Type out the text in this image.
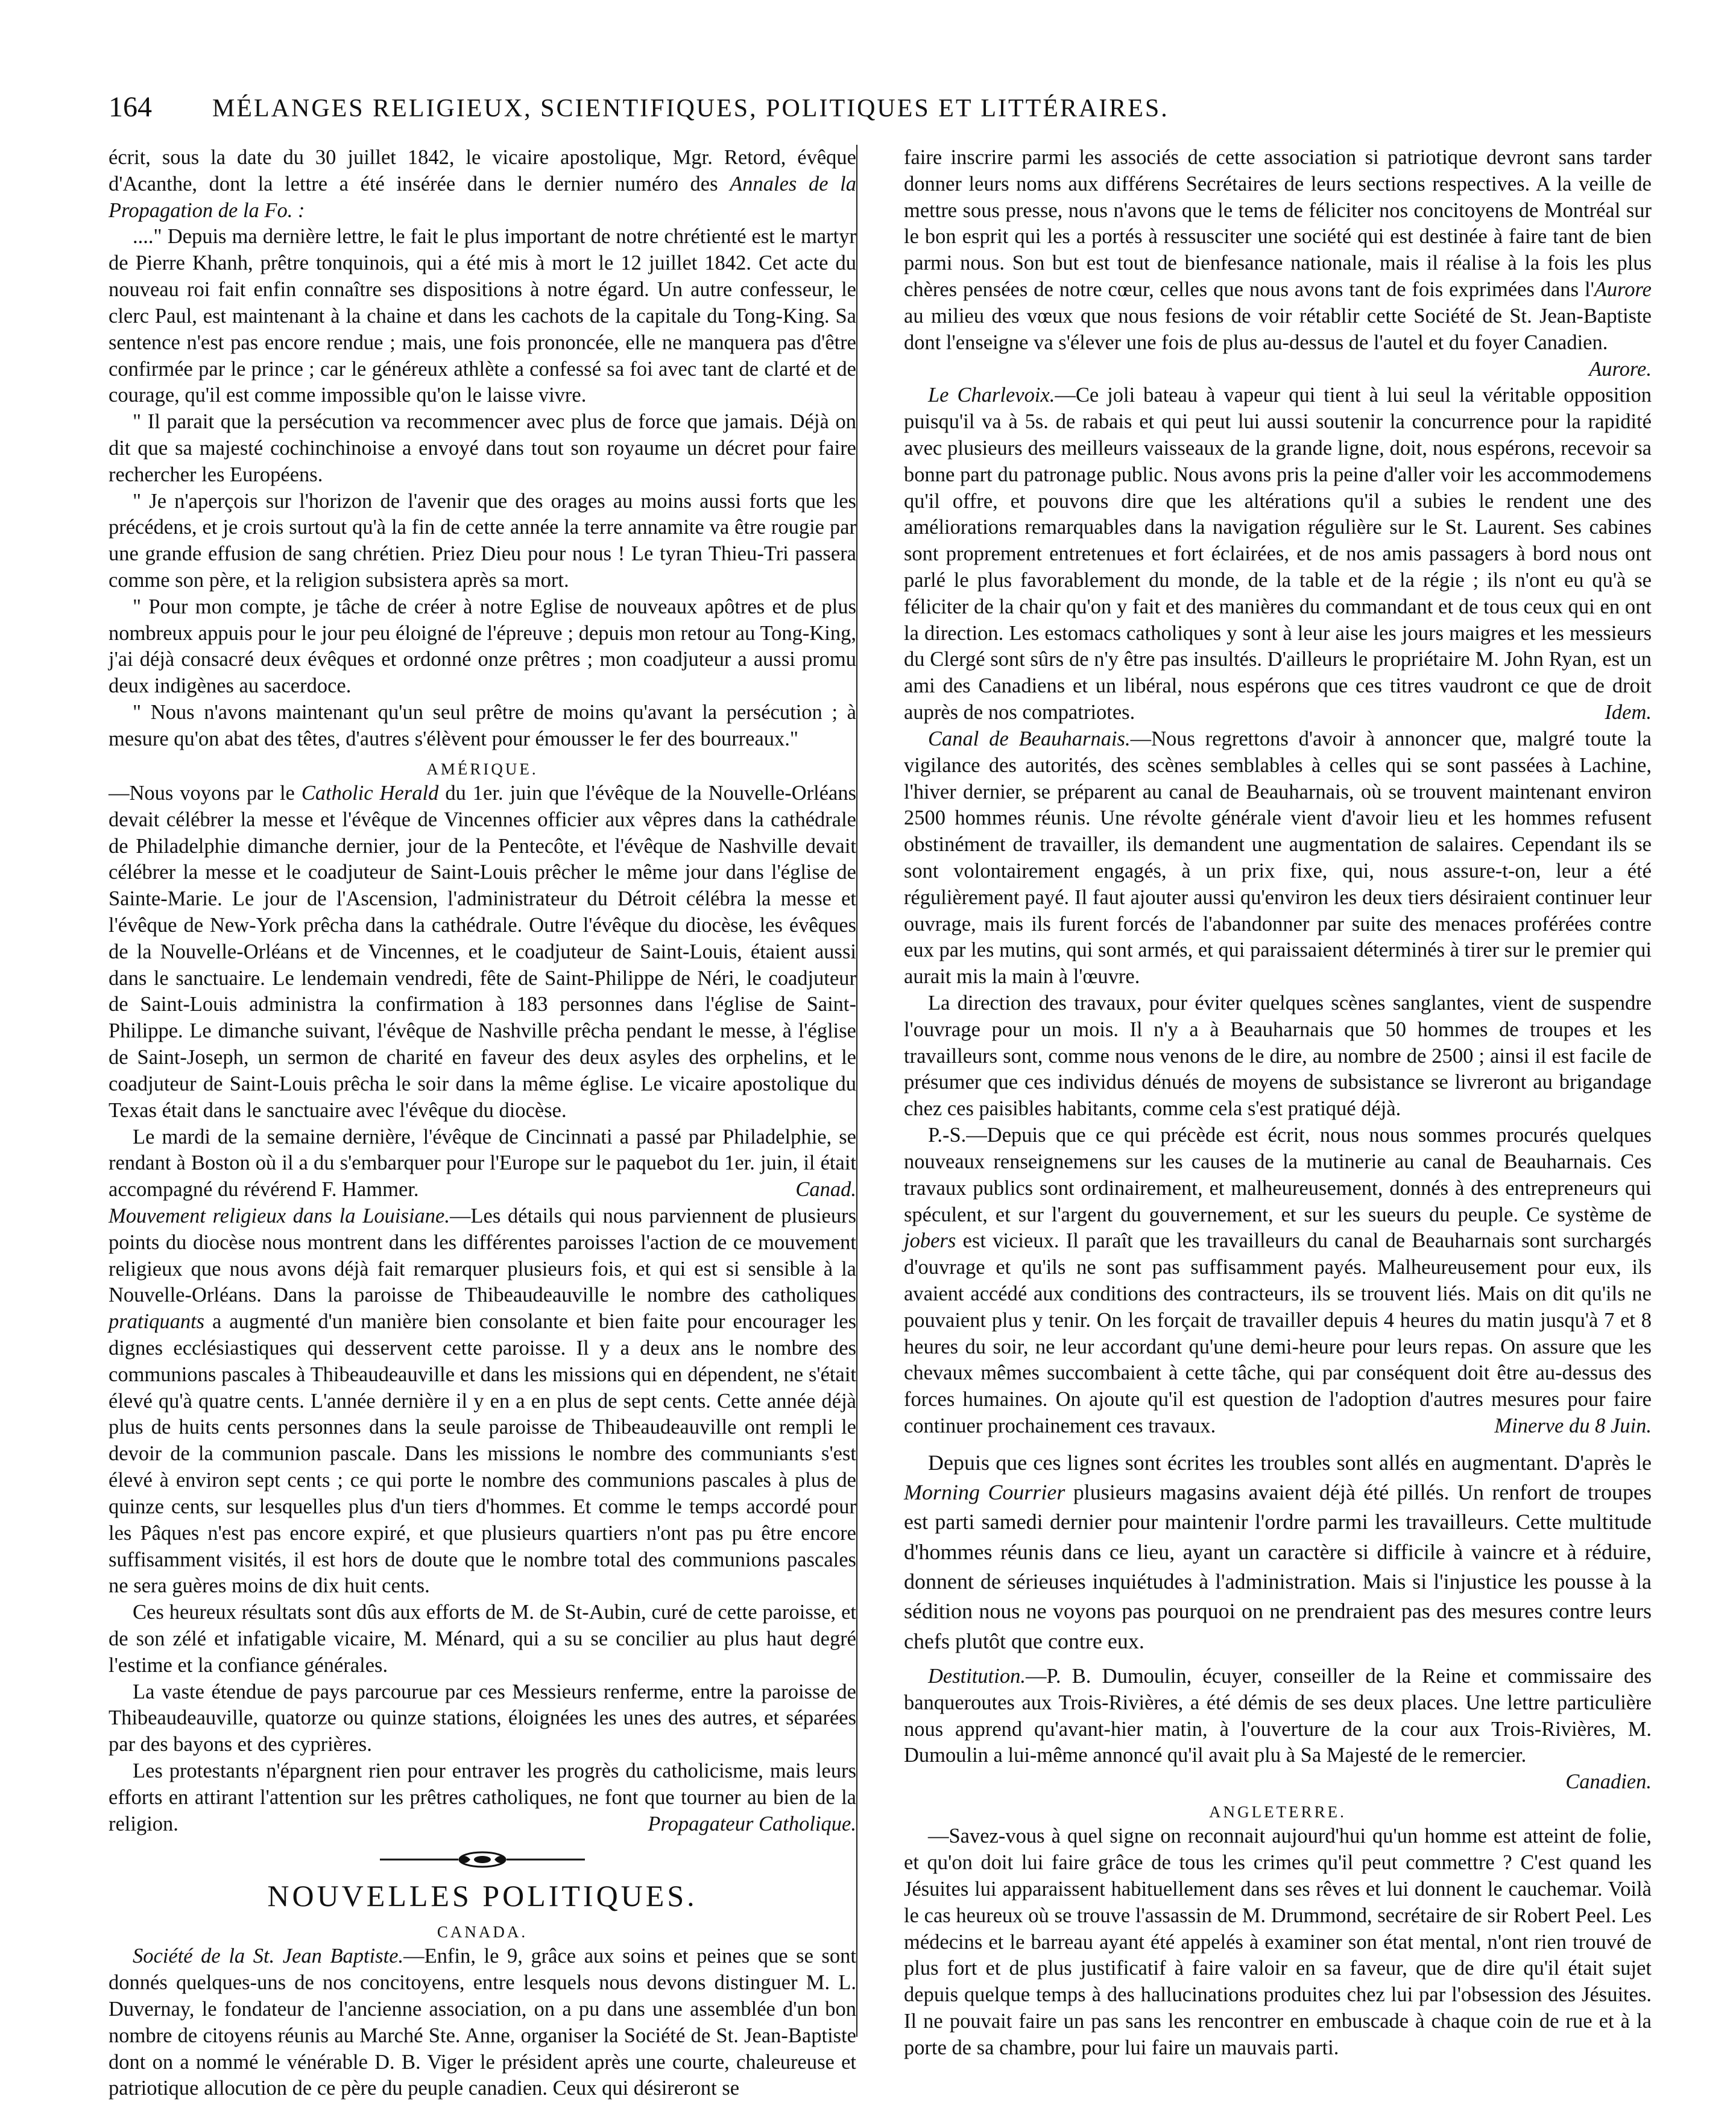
164	MÉLANGES RELIGIEUX, SCIENTIFIQUES, POLITIQUES ET LITTÉRAIRES.

écrit, sous la date du 30 juillet 1842, le vicaire apostolique, Mgr. Retord, évêque d'Acanthe, dont la lettre a été insérée dans le dernier numéro des Annales de la Propagation de la Fo. :

...." Depuis ma dernière lettre, le fait le plus important de notre chrétienté est le martyr de Pierre Khanh, prêtre tonquinois, qui a été mis à mort le 12 juillet 1842. Cet acte du nouveau roi fait enfin connaître ses dispositions à notre égard. Un autre confesseur, le clerc Paul, est maintenant à la chaine et dans les cachots de la capitale du Tong-King. Sa sentence n'est pas encore rendue ; mais, une fois prononcée, elle ne manquera pas d'être confirmée par le prince ; car le généreux athlète a confessé sa foi avec tant de clarté et de courage, qu'il est comme impossible qu'on le laisse vivre.

" Il parait que la persécution va recommencer avec plus de force que jamais. Déjà on dit que sa majesté cochinchinoise a envoyé dans tout son royaume un décret pour faire rechercher les Européens.

" Je n'aperçois sur l'horizon de l'avenir que des orages au moins aussi forts que les précédens, et je crois surtout qu'à la fin de cette année la terre annamite va être rougie par une grande effusion de sang chrétien. Priez Dieu pour nous ! Le tyran Thieu-Tri passera comme son père, et la religion subsistera après sa mort.

" Pour mon compte, je tâche de créer à notre Eglise de nouveaux apôtres et de plus nombreux appuis pour le jour peu éloigné de l'épreuve ; depuis mon retour au Tong-King, j'ai déjà consacré deux évêques et ordonné onze prêtres ; mon coadjuteur a aussi promu deux indigènes au sacerdoce.

" Nous n'avons maintenant qu'un seul prêtre de moins qu'avant la persécution ; à mesure qu'on abat des têtes, d'autres s'élèvent pour émousser le fer des bourreaux."

AMÉRIQUE.

—Nous voyons par le Catholic Herald du 1er. juin que l'évêque de la Nouvelle-Orléans devait célébrer la messe et l'évêque de Vincennes officier aux vêpres dans la cathédrale de Philadelphie dimanche dernier, jour de la Pentecôte, et l'évêque de Nashville devait célébrer la messe et le coadjuteur de Saint-Louis prêcher le même jour dans l'église de Sainte-Marie. Le jour de l'Ascension, l'administrateur du Détroit célébra la messe et l'évêque de New-York prêcha dans la cathédrale. Outre l'évêque du diocèse, les évêques de la Nouvelle-Orléans et de Vincennes, et le coadjuteur de Saint-Louis, étaient aussi dans le sanctuaire. Le lendemain vendredi, fête de Saint-Philippe de Néri, le coadjuteur de Saint-Louis administra la confirmation à 183 personnes dans l'église de Saint-Philippe. Le dimanche suivant, l'évêque de Nashville prêcha pendant le messe, à l'église de Saint-Joseph, un sermon de charité en faveur des deux asyles des orphelins, et le coadjuteur de Saint-Louis prêcha le soir dans la même église. Le vicaire apostolique du Texas était dans le sanctuaire avec l'évêque du diocèse.

Le mardi de la semaine dernière, l'évêque de Cincinnati a passé par Philadelphie, se rendant à Boston où il a du s'embarquer pour l'Europe sur le paquebot du 1er. juin, il était accompagné du révérend F. Hammer.	Canad.

Mouvement religieux dans la Louisiane.—Les détails qui nous parviennent de plusieurs points du diocèse nous montrent dans les différentes paroisses l'action de ce mouvement religieux que nous avons déjà fait remarquer plusieurs fois, et qui est si sensible à la Nouvelle-Orléans. Dans la paroisse de Thibeaudeauville le nombre des catholiques pratiquants a augmenté d'un manière bien consolante et bien faite pour encourager les dignes ecclésiastiques qui desservent cette paroisse. Il y a deux ans le nombre des communions pascales à Thibeaudeauville et dans les missions qui en dépendent, ne s'était élevé qu'à quatre cents. L'année dernière il y en a en plus de sept cents. Cette année déjà plus de huits cents personnes dans la seule paroisse de Thibeaudeauville ont rempli le devoir de la communion pascale. Dans les missions le nombre des communiants s'est élevé à environ sept cents ; ce qui porte le nombre des communions pascales à plus de quinze cents, sur lesquelles plus d'un tiers d'hommes. Et comme le temps accordé pour les Pâques n'est pas encore expiré, et que plusieurs quartiers n'ont pas pu être encore suffisamment visités, il est hors de doute que le nombre total des communions pascales ne sera guères moins de dix huit cents.

Ces heureux résultats sont dûs aux efforts de M. de St-Aubin, curé de cette paroisse, et de son zélé et infatigable vicaire, M. Ménard, qui a su se concilier au plus haut degré l'estime et la confiance générales.

La vaste étendue de pays parcourue par ces Messieurs renferme, entre la paroisse de Thibeaudeauville, quatorze ou quinze stations, éloignées les unes des autres, et séparées par des bayons et des cyprières.

Les protestants n'épargnent rien pour entraver les progrès du catholicisme, mais leurs efforts en attirant l'attention sur les prêtres catholiques, ne font que tourner au bien de la religion.	Propagateur Catholique.

NOUVELLES POLITIQUES.
CANADA.

Société de la St. Jean Baptiste.—Enfin, le 9, grâce aux soins et peines que se sont donnés quelques-uns de nos concitoyens, entre lesquels nous devons distinguer M. L. Duvernay, le fondateur de l'ancienne association, on a pu dans une assemblée d'un bon nombre de citoyens réunis au Marché Ste. Anne, organiser la Société de St. Jean-Baptiste dont on a nommé le vénérable D. B. Viger le président après une courte, chaleureuse et patriotique allocution de ce père du peuple canadien. Ceux qui désireront se

faire inscrire parmi les associés de cette association si patriotique devront sans tarder donner leurs noms aux différens Secrétaires de leurs sections respectives. A la veille de mettre sous presse, nous n'avons que le tems de féliciter nos concitoyens de Montréal sur le bon esprit qui les a portés à ressusciter une société qui est destinée à faire tant de bien parmi nous. Son but est tout de bienfesance nationale, mais il réalise à la fois les plus chères pensées de notre cœur, celles que nous avons tant de fois exprimées dans l'Aurore au milieu des vœux que nous fesions de voir rétablir cette Société de St. Jean-Baptiste dont l'enseigne va s'élever une fois de plus au-dessus de l'autel et du foyer Canadien.
Aurore.

Le Charlevoix.—Ce joli bateau à vapeur qui tient à lui seul la véritable opposition puisqu'il va à 5s. de rabais et qui peut lui aussi soutenir la concurrence pour la rapidité avec plusieurs des meilleurs vaisseaux de la grande ligne, doit, nous espérons, recevoir sa bonne part du patronage public. Nous avons pris la peine d'aller voir les accommodemens qu'il offre, et pouvons dire que les altérations qu'il a subies le rendent une des améliorations remarquables dans la navigation régulière sur le St. Laurent. Ses cabines sont proprement entretenues et fort éclairées, et de nos amis passagers à bord nous ont parlé le plus favorablement du monde, de la table et de la régie ; ils n'ont eu qu'à se féliciter de la chair qu'on y fait et des manières du commandant et de tous ceux qui en ont la direction. Les estomacs catholiques y sont à leur aise les jours maigres et les messieurs du Clergé sont sûrs de n'y être pas insultés. D'ailleurs le propriétaire M. John Ryan, est un ami des Canadiens et un libéral, nous espérons que ces titres vaudront ce que de droit auprès de nos compatriotes.	Idem.

Canal de Beauharnais.—Nous regrettons d'avoir à annoncer que, malgré toute la vigilance des autorités, des scènes semblables à celles qui se sont passées à Lachine, l'hiver dernier, se préparent au canal de Beauharnais, où se trouvent maintenant environ 2500 hommes réunis. Une révolte générale vient d'avoir lieu et les hommes refusent obstinément de travailler, ils demandent une augmentation de salaires. Cependant ils se sont volontairement engagés, à un prix fixe, qui, nous assure-t-on, leur a été régulièrement payé. Il faut ajouter aussi qu'environ les deux tiers désiraient continuer leur ouvrage, mais ils furent forcés de l'abandonner par suite des menaces proférées contre eux par les mutins, qui sont armés, et qui paraissaient déterminés à tirer sur le premier qui aurait mis la main à l'œuvre.

La direction des travaux, pour éviter quelques scènes sanglantes, vient de suspendre l'ouvrage pour un mois. Il n'y a à Beauharnais que 50 hommes de troupes et les travailleurs sont, comme nous venons de le dire, au nombre de 2500 ; ainsi il est facile de présumer que ces individus dénués de moyens de subsistance se livreront au brigandage chez ces paisibles habitants, comme cela s'est pratiqué déjà.

P.-S.—Depuis que ce qui précède est écrit, nous nous sommes procurés quelques nouveaux renseignemens sur les causes de la mutinerie au canal de Beauharnais. Ces travaux publics sont ordinairement, et malheureusement, donnés à des entrepreneurs qui spéculent, et sur l'argent du gouvernement, et sur les sueurs du peuple. Ce système de jobers est vicieux. Il paraît que les travailleurs du canal de Beauharnais sont surchargés d'ouvrage et qu'ils ne sont pas suffisamment payés. Malheureusement pour eux, ils avaient accédé aux conditions des contracteurs, ils se trouvent liés. Mais on dit qu'ils ne pouvaient plus y tenir. On les forçait de travailler depuis 4 heures du matin jusqu'à 7 et 8 heures du soir, ne leur accordant qu'une demi-heure pour leurs repas. On assure que les chevaux mêmes succombaient à cette tâche, qui par conséquent doit être au-dessus des forces humaines. On ajoute qu'il est question de l'adoption d'autres mesures pour faire continuer prochainement ces travaux.	Minerve du 8 Juin.

Depuis que ces lignes sont écrites les troubles sont allés en augmentant. D'après le Morning Courrier plusieurs magasins avaient déjà été pillés. Un renfort de troupes est parti samedi dernier pour maintenir l'ordre parmi les travailleurs. Cette multitude d'hommes réunis dans ce lieu, ayant un caractère si difficile à vaincre et à réduire, donnent de sérieuses inquiétudes à l'administration. Mais si l'injustice les pousse à la sédition nous ne voyons pas pourquoi on ne prendraient pas des mesures contre leurs chefs plutôt que contre eux.

Destitution.—P. B. Dumoulin, écuyer, conseiller de la Reine et commissaire des banqueroutes aux Trois-Rivières, a été démis de ses deux places. Une lettre particulière nous apprend qu'avant-hier matin, à l'ouverture de la cour aux Trois-Rivières, M. Dumoulin a lui-même annoncé qu'il avait plu à Sa Majesté de le remercier.
Canadien.

ANGLETERRE.

—Savez-vous à quel signe on reconnait aujourd'hui qu'un homme est atteint de folie, et qu'on doit lui faire grâce de tous les crimes qu'il peut commettre ? C'est quand les Jésuites lui apparaissent habituellement dans ses rêves et lui donnent le cauchemar. Voilà le cas heureux où se trouve l'assassin de M. Drummond, secrétaire de sir Robert Peel. Les médecins et le barreau ayant été appelés à examiner son état mental, n'ont rien trouvé de plus fort et de plus justificatif à faire valoir en sa faveur, que de dire qu'il était sujet depuis quelque temps à des hallucinations produites chez lui par l'obsession des Jésuites. Il ne pouvait faire un pas sans les rencontrer en embuscade à chaque coin de rue et à la porte de sa chambre, pour lui faire un mauvais parti.
